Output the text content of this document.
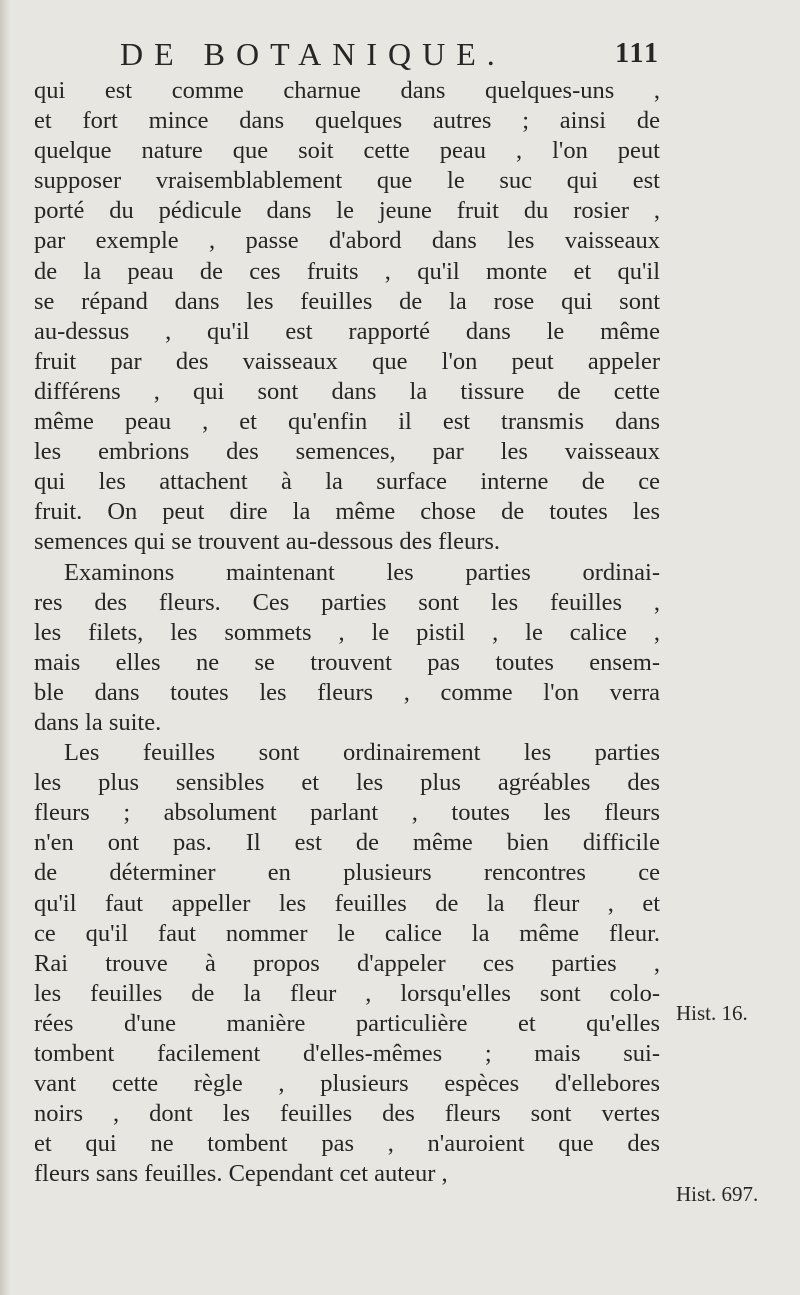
DE BOTANIQUE.	111
qui est comme charnue dans quelques-uns ,
et fort mince dans quelques autres ; ainsi de
quelque nature que soit cette peau , l'on peut
supposer vraisemblablement que le suc qui est
porté du pédicule dans le jeune fruit du rosier ,
par exemple , passe d'abord dans les vaisseaux
de la peau de ces fruits , qu'il monte et qu'il
se répand dans les feuilles de la rose qui sont
au-dessus , qu'il est rapporté dans le même
fruit par des vaisseaux que l'on peut appeler
différens , qui sont dans la tissure de cette
même peau , et qu'enfin il est transmis dans
les embrions des semences, par les vaisseaux
qui les attachent à la surface interne de ce
fruit. On peut dire la même chose de toutes les
semences qui se trouvent au-dessous des fleurs.
Examinons maintenant les parties ordinai-
res des fleurs. Ces parties sont les feuilles ,
les filets, les sommets , le pistil , le calice ,
mais elles ne se trouvent pas toutes ensem-
ble dans toutes les fleurs , comme l'on verra
dans la suite.
Les feuilles sont ordinairement les parties
les plus sensibles et les plus agréables des
fleurs ; absolument parlant , toutes les fleurs
n'en ont pas. Il est de même bien difficile
de déterminer en plusieurs rencontres ce
qu'il faut appeller les feuilles de la fleur , et
ce qu'il faut nommer le calice la même fleur.
Rai trouve à propos d'appeler ces parties ,
les feuilles de la fleur , lorsqu'elles sont colo-
rées d'une manière particulière et qu'elles
tombent facilement d'elles-mêmes ; mais sui-
vant cette règle , plusieurs espèces d'ellebores
noirs , dont les feuilles des fleurs sont vertes
et qui ne tombent pas , n'auroient que des
fleurs sans feuilles. Cependant cet auteur ,
Hist. 16.
Hist. 697.
